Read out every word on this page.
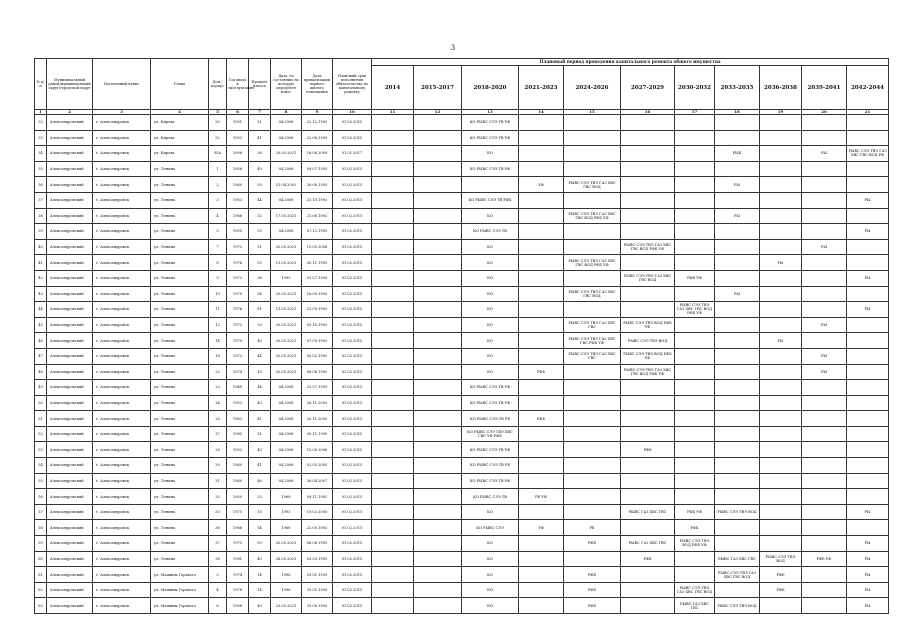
3
№ п/п	Муниципальный район/муниципальный округ/городской округ	Населенный пункт	Улица	Дом / корпус	Год ввода в эксплуатацию	Процент износа	Дата, по состоянию на которую определен износ	Дата приватизации первого жилого помещения	Плановый срок исполнения обязательства по капитальному ремонту	Плановый период проведения капитального ремонта общего имущества										
										2014	2015-2017	2018-2020	2021-2023	2024-2026	2027-2029	2030-2032	2033-2035	2036-2038	2039-2041	2042-2044
1	2	3	4	5	6	7	8	9	10	11	12	13	14	15	16	17	18	19	20	21
32	Александровский	г. Александровск	ул. Кирова	50	1951	51	04.2008	22.12.1992	01.02.2015			КО РЫВС СЭЭ ТВ УФ								
33	Александровский	г. Александровск	ул. Кирова	52	1953	41	04.2008	22.08.1993	01.02.2015			КО РЫВС СЭЭ ТВ УФ								
34	Александровский	г. Александровск	ул. Кирова	55А	2006	28	20.05.2021	16.06.2009	01.01.2017			КО					РЫБ		РЫ	РЫВС СЭЭ ТВЭ ГАЗ ХВС ГВС ВОД РФ
35	Александровский	г. Александровск	ул. Ленина	1	1956	49	04.2008	09.07.1993	01.02.2015			КО РЫВС СЭЭ ТВ УФ								
36	Александровский	г. Александровск	ул. Ленина	2	1960	55	21.04.2002	28.08.1993	01.02.2015				УФ	РЫВС СЭЭ ТВЭ ГАЗ ХВС ГВС ВОД			РЫ			
37	Александровский	г. Александровск	ул. Ленина	3	1953	44	04.2008	23.10.1993	01.02.2015			КО РЫВС СЭЭ ТВ РФБ								РЫ
38	Александровский	г. Александровск	ул. Ленина	4	1966	32	17.05.2021	21.06.1992	01.02.2015			КО		РЫВС СЭЭ ТВЭ ГАЗ ХВС ГВС ВОД РФБ УФ			РЫ			
39	Александровский	г. Александровск	ул. Ленина	5	1955	53	04.2008	07.12.1992	01.02.2015			КО РЫВС СЭЭ ТВ								РЫ
40	Александровский	г. Александровск	ул. Ленина	7	1972	51	20.05.2021	10.05.2006	01.02.2015			КО			РЫВС СЭЭ ТВЭ ГАЗ ХВС ГВС ВОД РФБ УФ				РЫ	
41	Александровский	г. Александровск	ул. Ленина	8	1976	55	13.05.2021	30.11.1992	01.02.2015			КО		РЫВС СЭЭ ТВЭ ГАЗ ХВС ГВС ВОД РФБ УФ				РЫ		
42	Александровский	г. Александровск	ул. Ленина	9	1972	36	1995	01.07.1993	01.02.2015			КО			РЫВС СЭЭ ТВЭ ГАЗ ХВС ГВС ВОД	РФБ УФ				РЫ
43	Александровский	г. Александровск	ул. Ленина	10	1970	54	20.05.2021	16.09.1992	01.02.2015			КО		РЫВС СЭЭ ТВЭ ГАЗ ХВС ГВС ВОД			РЫ			
44	Александровский	г. Александровск	ул. Ленина	11	1976	81	13.05.2021	22.09.1992	01.02.2015			КО				РЫВС СЭЭ ТВЭ ГАЗ ХВС ГВС ВОД РФБ УФ				РЫ
45	Александровский	г. Александровск	ул. Ленина	12	1972	33	20.05.2021	05.10.1992	01.02.2015			КО		РЫВС СЭЭ ТВЭ ГАЗ ХВС ГВС	РЫВС СЭЭ ТВЭ ВОД РФБ УФ				РЫ	
46	Александровский	г. Александровск	ул. Ленина	14	1970	40	20.05.2021	07.09.1992	01.02.2015			КО		РЫВС СЭЭ ТВЭ ГАЗ ХВС ГВС РФБ УФ	РЫВС СЭЭ ТВЭ ВОД			РЫ		
47	Александровский	г. Александровск	ул. Ленина	18	1972	44	20.05.2021	05.02.1992	01.02.2015			КО		РЫВС СЭЭ ТВЭ ГАЗ ХВС ГВС	РЫВС СЭЭ ТВЭ ВОД РФБ УФ				РЫ	
48	Александровский	г. Александровск	ул. Ленина	22	1974	15	20.05.2021	08.06.1992	01.02.2015			КО	РФБ		РЫВС СЭЭ ТВЭ ГАЗ ХВС ГВС ВОД РФБ УФ				РЫ	
49	Александровский	г. Александровск	ул. Ленина	23	1949	44	04.2008	22.07.1993	01.02.2015			КО РЫВС СЭЭ ТВ УФ								
50	Александровский	г. Александровск	ул. Ленина	24	1952	43	04.2008	26.11.2003	01.02.2015			КО РЫВС СЭЭ ТВ УФ								
51	Александровский	г. Александровск	ул. Ленина	25	1963	41	04.2008	20.11.2005	01.02.2015			КО РЫВС СЭЭ ТВ РЕ	РФБ							
52	Александровский	г. Александровск	ул. Ленина	27	1985	31	04.2008	20.11.1995	01.02.2015			КО РЫВС СЭЭ ТВЭ ХВС ГВС УФ РФБ								
53	Александровский	г. Александровск	ул. Ленина	28	1952	43	04.2008	15.06.2006	01.02.2015			КО РЫВС СЭЭ ТВ УФ			РФБ					
54	Александровский	г. Александровск	ул. Ленина	29	1969	41	04.2008	02.05.2005	01.02.2015			КО РЫВС СЭЭ ТВ РЕ								
55	Александровский	г. Александровск	ул. Ленина	31	1960	46	04.2008	26.04.2007	01.02.2015			КО РЫВС СЭЭ ТВ УФ								
56	Александровский	г. Александровск	ул. Ленина	32	1959	52	1968	09.11.1992	01.02.2015			КО РЫВС СЭЭ ТВ	РЕ УФ							
57	Александровский	г. Александровск	ул. Ленина	33	1975	15	1993	19.02.2005	01.02.2015			КО			РЫВС ГАЗ ХВС ГВС	РФБ УФ	РЫВС СЭЭ ТВЭ ВОД			РЫ
58	Александровский	г. Александровск	ул. Ленина	36	1966	54	1968	22.09.1992	01.02.2015			КО РЫВС СЭЭ	УФ	РЕ		РФБ				
59	Александровский	г. Александровск	ул. Ленина	37	1973	50	20.05.2021	06.08.1992	01.02.2015			КО		РФБ	РЫВС ГАЗ ХВС ГВС	РЫВС СЭЭ ТВЭ ВОД РФБ УФ				РЫ
60	Александровский	г. Александровск	ул. Ленина	38	1981	40	28.05.2021	03.03.1992	01.02.2015			КО			РФБ		РЫВС ГАЗ ХВС ГВС	РЫВС СЭЭ ТВЭ ВОД	РФБ УФ	РЫ
61	Александровский	г. Александровск	ул. Машины Горького	2	1974	14	1996	29.01.1993	01.02.2015			КО		РФБ			РЫВС СЭЭ ТВЭ ГАЗ ХВС ГВС ВОД	РФБ		РЫ
62	Александровский	г. Александровск	ул. Машины Горького	4	1978	14	1996	29.01.1993	01.02.2015			КО		РФБ		РЫВС СЭЭ ТВЭ ГАЗ ХВС ГВС ВОД		РФБ		РЫ
63	Александровский	г. Александровск	ул. Машины Горького	6	1958	49	23.05.2021	29.08.1992	01.02.2015			КО		РФБ		РЫВС ГАЗ ХВС ГВС	РЫВС СЭЭ ТВЭ ВОД			РЫ
